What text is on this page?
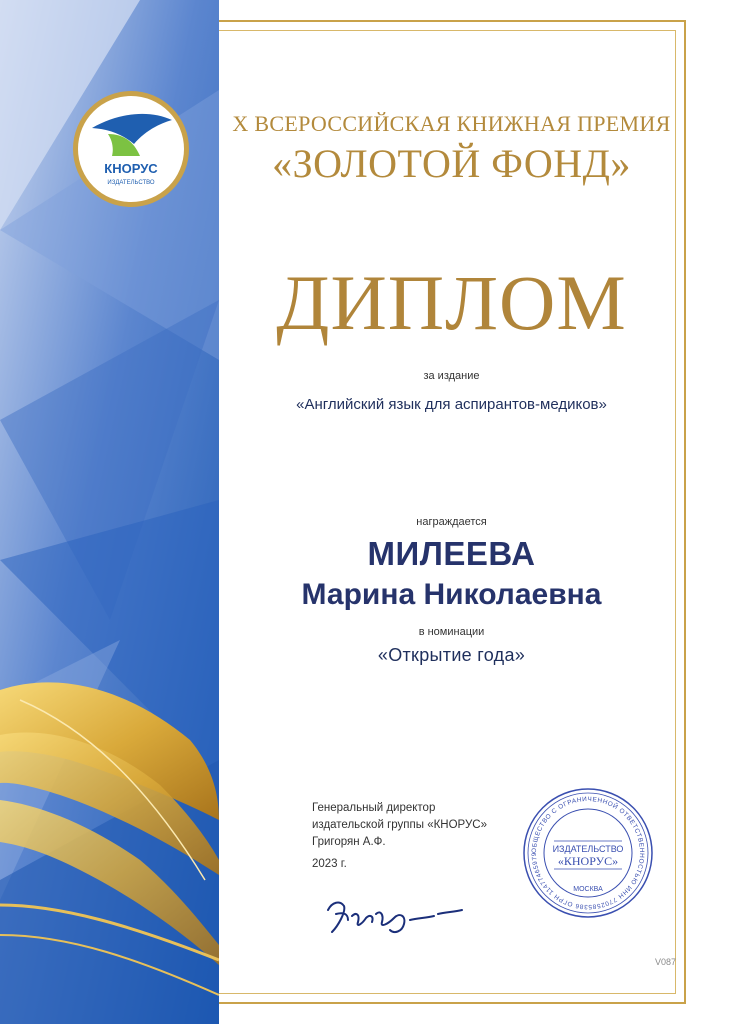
КНОРУС
ИЗДАТЕЛЬСТВО

X ВСЕРОССИЙСКАЯ КНИЖНАЯ ПРЕМИЯ

«ЗОЛОТОЙ ФОНД»

ДИПЛОМ

за издание

«Английский язык для аспирантов-медиков»

награждается

МИЛЕЕВА

Марина Николаевна

в номинации

«Открытие года»

Генеральный директор
издательской группы «КНОРУС»
Григорян А.Ф.
2023 г.
ОБЩЕСТВО С ОГРАНИЧЕННОЙ ОТВЕТСТВЕННОСТЬЮ ИНН 7702585386 ОГРН 11477465979
ИЗДАТЕЛЬСТВО
«КНОРУС»
МОСКВА
V087
